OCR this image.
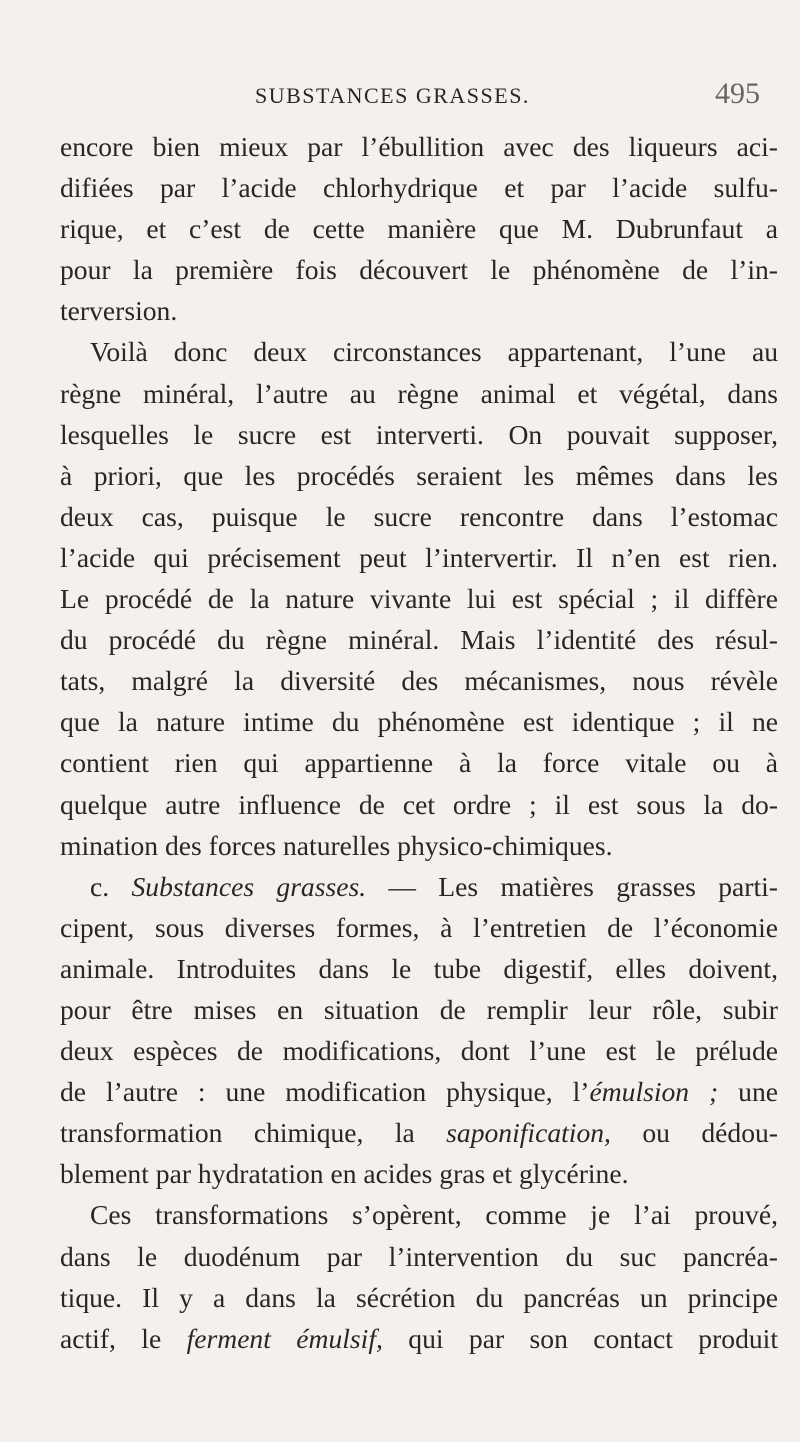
SUBSTANCES GRASSES.	495
encore bien mieux par l’ébullition avec des liqueurs aci-
difiées par l’acide chlorhydrique et par l’acide sulfu-
rique, et c’est de cette manière que M. Dubrunfaut a
pour la première fois découvert le phénomène de l’in-
terversion.
Voilà donc deux circonstances appartenant, l’une au
règne minéral, l’autre au règne animal et végétal, dans
lesquelles le sucre est interverti. On pouvait supposer,
à priori, que les procédés seraient les mêmes dans les
deux cas, puisque le sucre rencontre dans l’estomac
l’acide qui précisement peut l’intervertir. Il n’en est rien.
Le procédé de la nature vivante lui est spécial ; il diffère
du procédé du règne minéral. Mais l’identité des résul-
tats, malgré la diversité des mécanismes, nous révèle
que la nature intime du phénomène est identique ; il ne
contient rien qui appartienne à la force vitale ou à
quelque autre influence de cet ordre ; il est sous la do-
mination des forces naturelles physico-chimiques.
c. Substances grasses. — Les matières grasses parti-
cipent, sous diverses formes, à l’entretien de l’économie
animale. Introduites dans le tube digestif, elles doivent,
pour être mises en situation de remplir leur rôle, subir
deux espèces de modifications, dont l’une est le prélude
de l’autre : une modification physique, l’émulsion ; une
transformation chimique, la saponification, ou dédou-
blement par hydratation en acides gras et glycérine.
Ces transformations s’opèrent, comme je l’ai prouvé,
dans le duodénum par l’intervention du suc pancréa-
tique. Il y a dans la sécrétion du pancréas un principe
actif, le ferment émulsif, qui par son contact produit
